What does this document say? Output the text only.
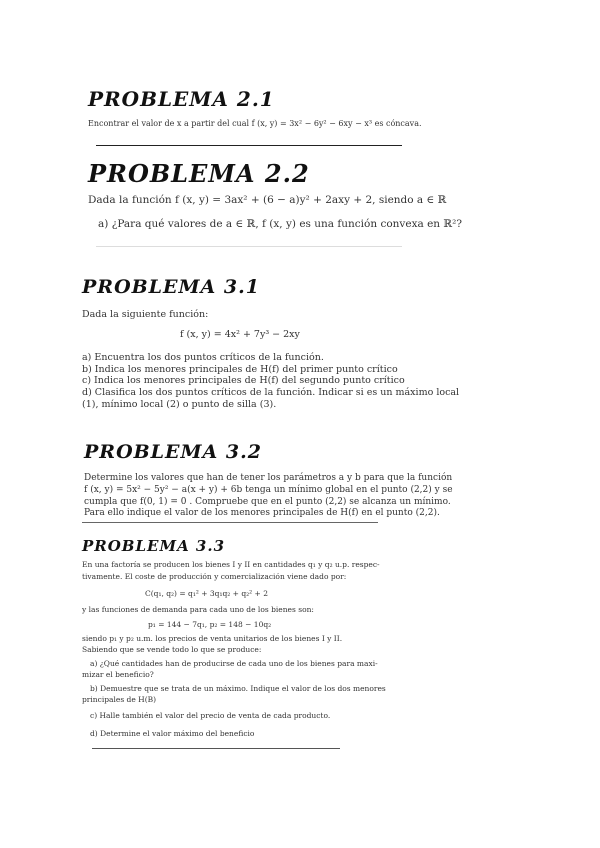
PROBLEMA 2.1
Encontrar el valor de x a partir del cual f (x, y) = 3x² − 6y² − 6xy − x³ es cóncava.
PROBLEMA 2.2
Dada la función f (x, y) = 3ax² + (6 − a)y² + 2axy + 2, siendo a ∈ ℝ
a) ¿Para qué valores de a ∈ ℝ, f (x, y) es una función convexa en ℝ²?
PROBLEMA 3.1
Dada la siguiente función:
f (x, y) = 4x² + 7y³ − 2xy
a) Encuentra los dos puntos críticos de la función.
b) Indica los menores principales de H(f) del primer punto crítico
c) Indica los menores principales de H(f) del segundo punto crítico
d) Clasifica los dos puntos críticos de la función. Indicar si es un máximo local
(1), mínimo local (2) o punto de silla (3).
PROBLEMA 3.2
Determine los valores que han de tener los parámetros a y b para que la función
f (x, y) = 5x² − 5y² − a(x + y) + 6b tenga un mínimo global en el punto (2,2) y se
cumpla que f(0, 1) = 0 . Compruebe que en el punto (2,2) se alcanza un mínimo.
Para ello indique el valor de los menores principales de H(f) en el punto (2,2).
PROBLEMA 3.3
En una factoría se producen los bienes I y II en cantidades q₁ y q₂ u.p. respec-
tivamente. El coste de producción y comercialización viene dado por:
C(q₁, q₂) = q₁² + 3q₁q₂ + q₂² + 2
y las funciones de demanda para cada uno de los bienes son:
p₁ = 144 − 7q₁, p₂ = 148 − 10q₂
siendo p₁ y p₂ u.m. los precios de venta unitarios de los bienes I y II.
Sabiendo que se vende todo lo que se produce:
a) ¿Qué cantidades han de producirse de cada uno de los bienes para maxi-
mizar el beneficio?
b) Demuestre que se trata de un máximo. Indique el valor de los dos menores
principales de H(B)
c) Halle también el valor del precio de venta de cada producto.
d) Determine el valor máximo del beneficio
